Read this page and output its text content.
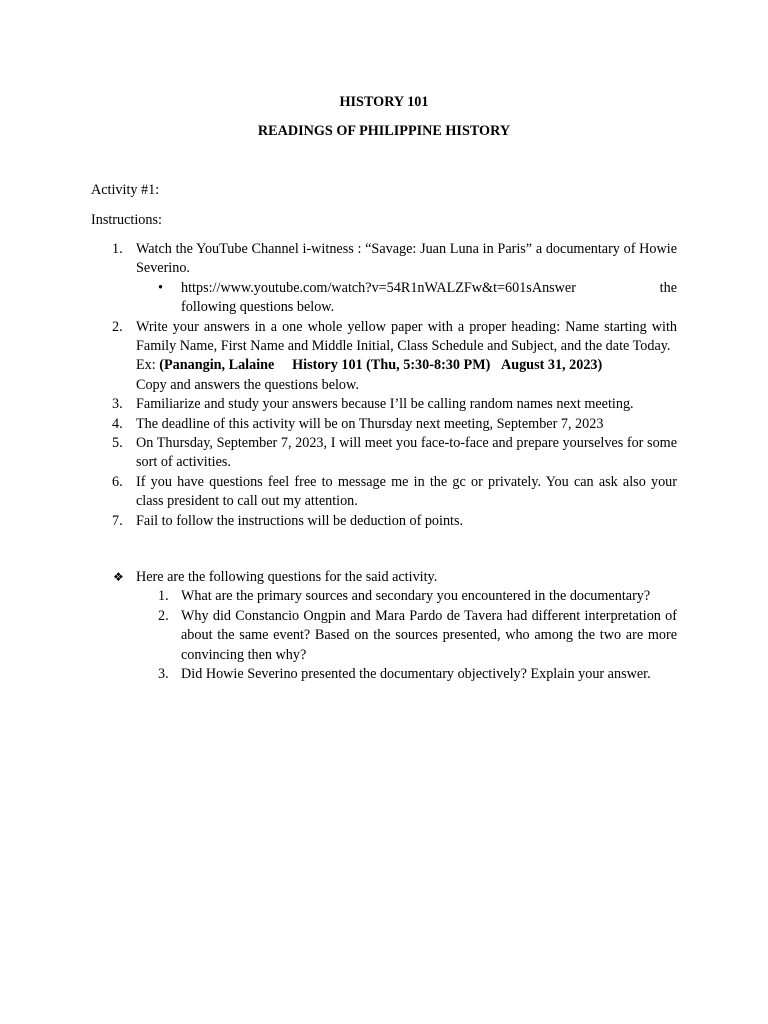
HISTORY 101
READINGS OF PHILIPPINE HISTORY
Activity #1:
Instructions:
1. Watch the YouTube Channel i-witness : “Savage: Juan Luna in Paris” a documentary of Howie Severino.
• https://www.youtube.com/watch?v=54R1nWALZFw&t=601sAnswer	the
following questions below.
2. Write your answers in a one whole yellow paper with a proper heading: Name starting with Family Name, First Name and Middle Initial, Class Schedule and Subject, and the date Today.
Ex: (Panangin, Lalaine History 101 (Thu, 5:30-8:30 PM) August 31, 2023)
Copy and answers the questions below.
3. Familiarize and study your answers because I’ll be calling random names next meeting.
4. The deadline of this activity will be on Thursday next meeting, September 7, 2023
5. On Thursday, September 7, 2023, I will meet you face-to-face and prepare yourselves for some sort of activities.
6. If you have questions feel free to message me in the gc or privately. You can ask also your class president to call out my attention.
7. Fail to follow the instructions will be deduction of points.
❖ Here are the following questions for the said activity.
1. What are the primary sources and secondary you encountered in the documentary?
2. Why did Constancio Ongpin and Mara Pardo de Tavera had different interpretation of about the same event? Based on the sources presented, who among the two are more convincing then why?
3. Did Howie Severino presented the documentary objectively? Explain your answer.
